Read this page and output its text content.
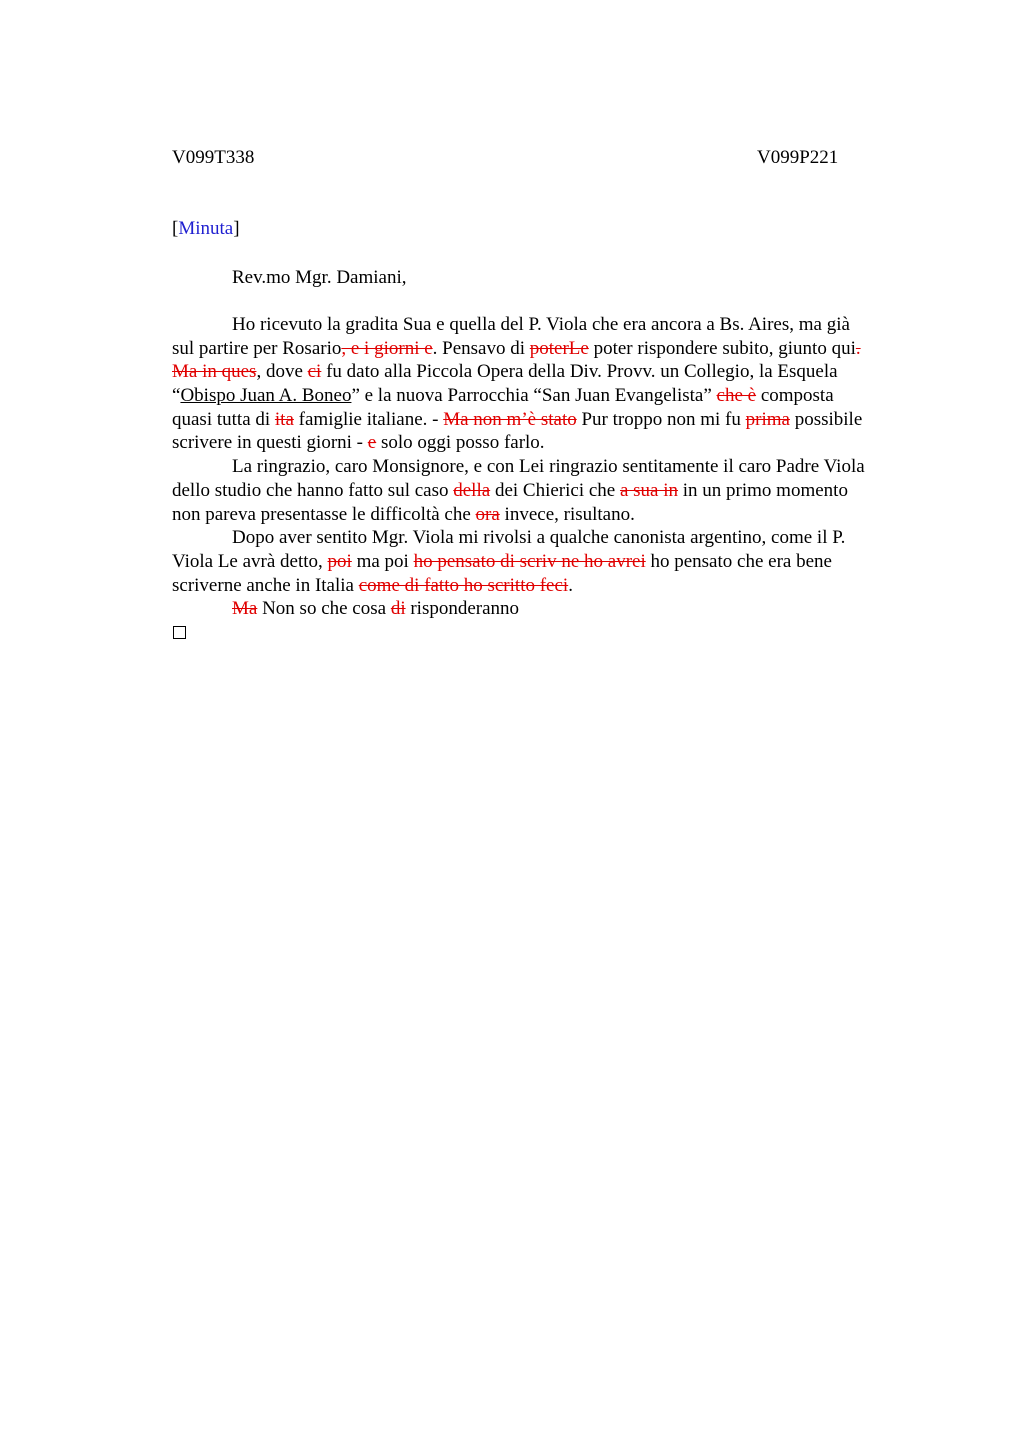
V099T338	V099P221
[Minuta]
Rev.mo Mgr. Damiani,
Ho ricevuto la gradita Sua e quella del P. Viola che era ancora a Bs. Aires, ma già
sul partire per Rosario, e i giorni e. Pensavo di poterLe poter rispondere subito, giunto qui.
Ma in ques, dove ci fu dato alla Piccola Opera della Div. Provv. un Collegio, la Esquela
“Obispo Juan A. Boneo” e la nuova Parrocchia “San Juan Evangelista” che è composta
quasi tutta di ita famiglie italiane. - Ma non m’è stato Pur troppo non mi fu prima possibile
scrivere in questi giorni - e solo oggi posso farlo.
La ringrazio, caro Monsignore, e con Lei ringrazio sentitamente il caro Padre Viola
dello studio che hanno fatto sul caso della dei Chierici che a sua in in un primo momento
non pareva presentasse le difficoltà che ora invece, risultano.
Dopo aver sentito Mgr. Viola mi rivolsi a qualche canonista argentino, come il P.
Viola Le avrà detto, poi ma poi ho pensato di scriv ne ho avrei ho pensato che era bene
scriverne anche in Italia come di fatto ho scritto feci.
Ma Non so che cosa di risponderanno
